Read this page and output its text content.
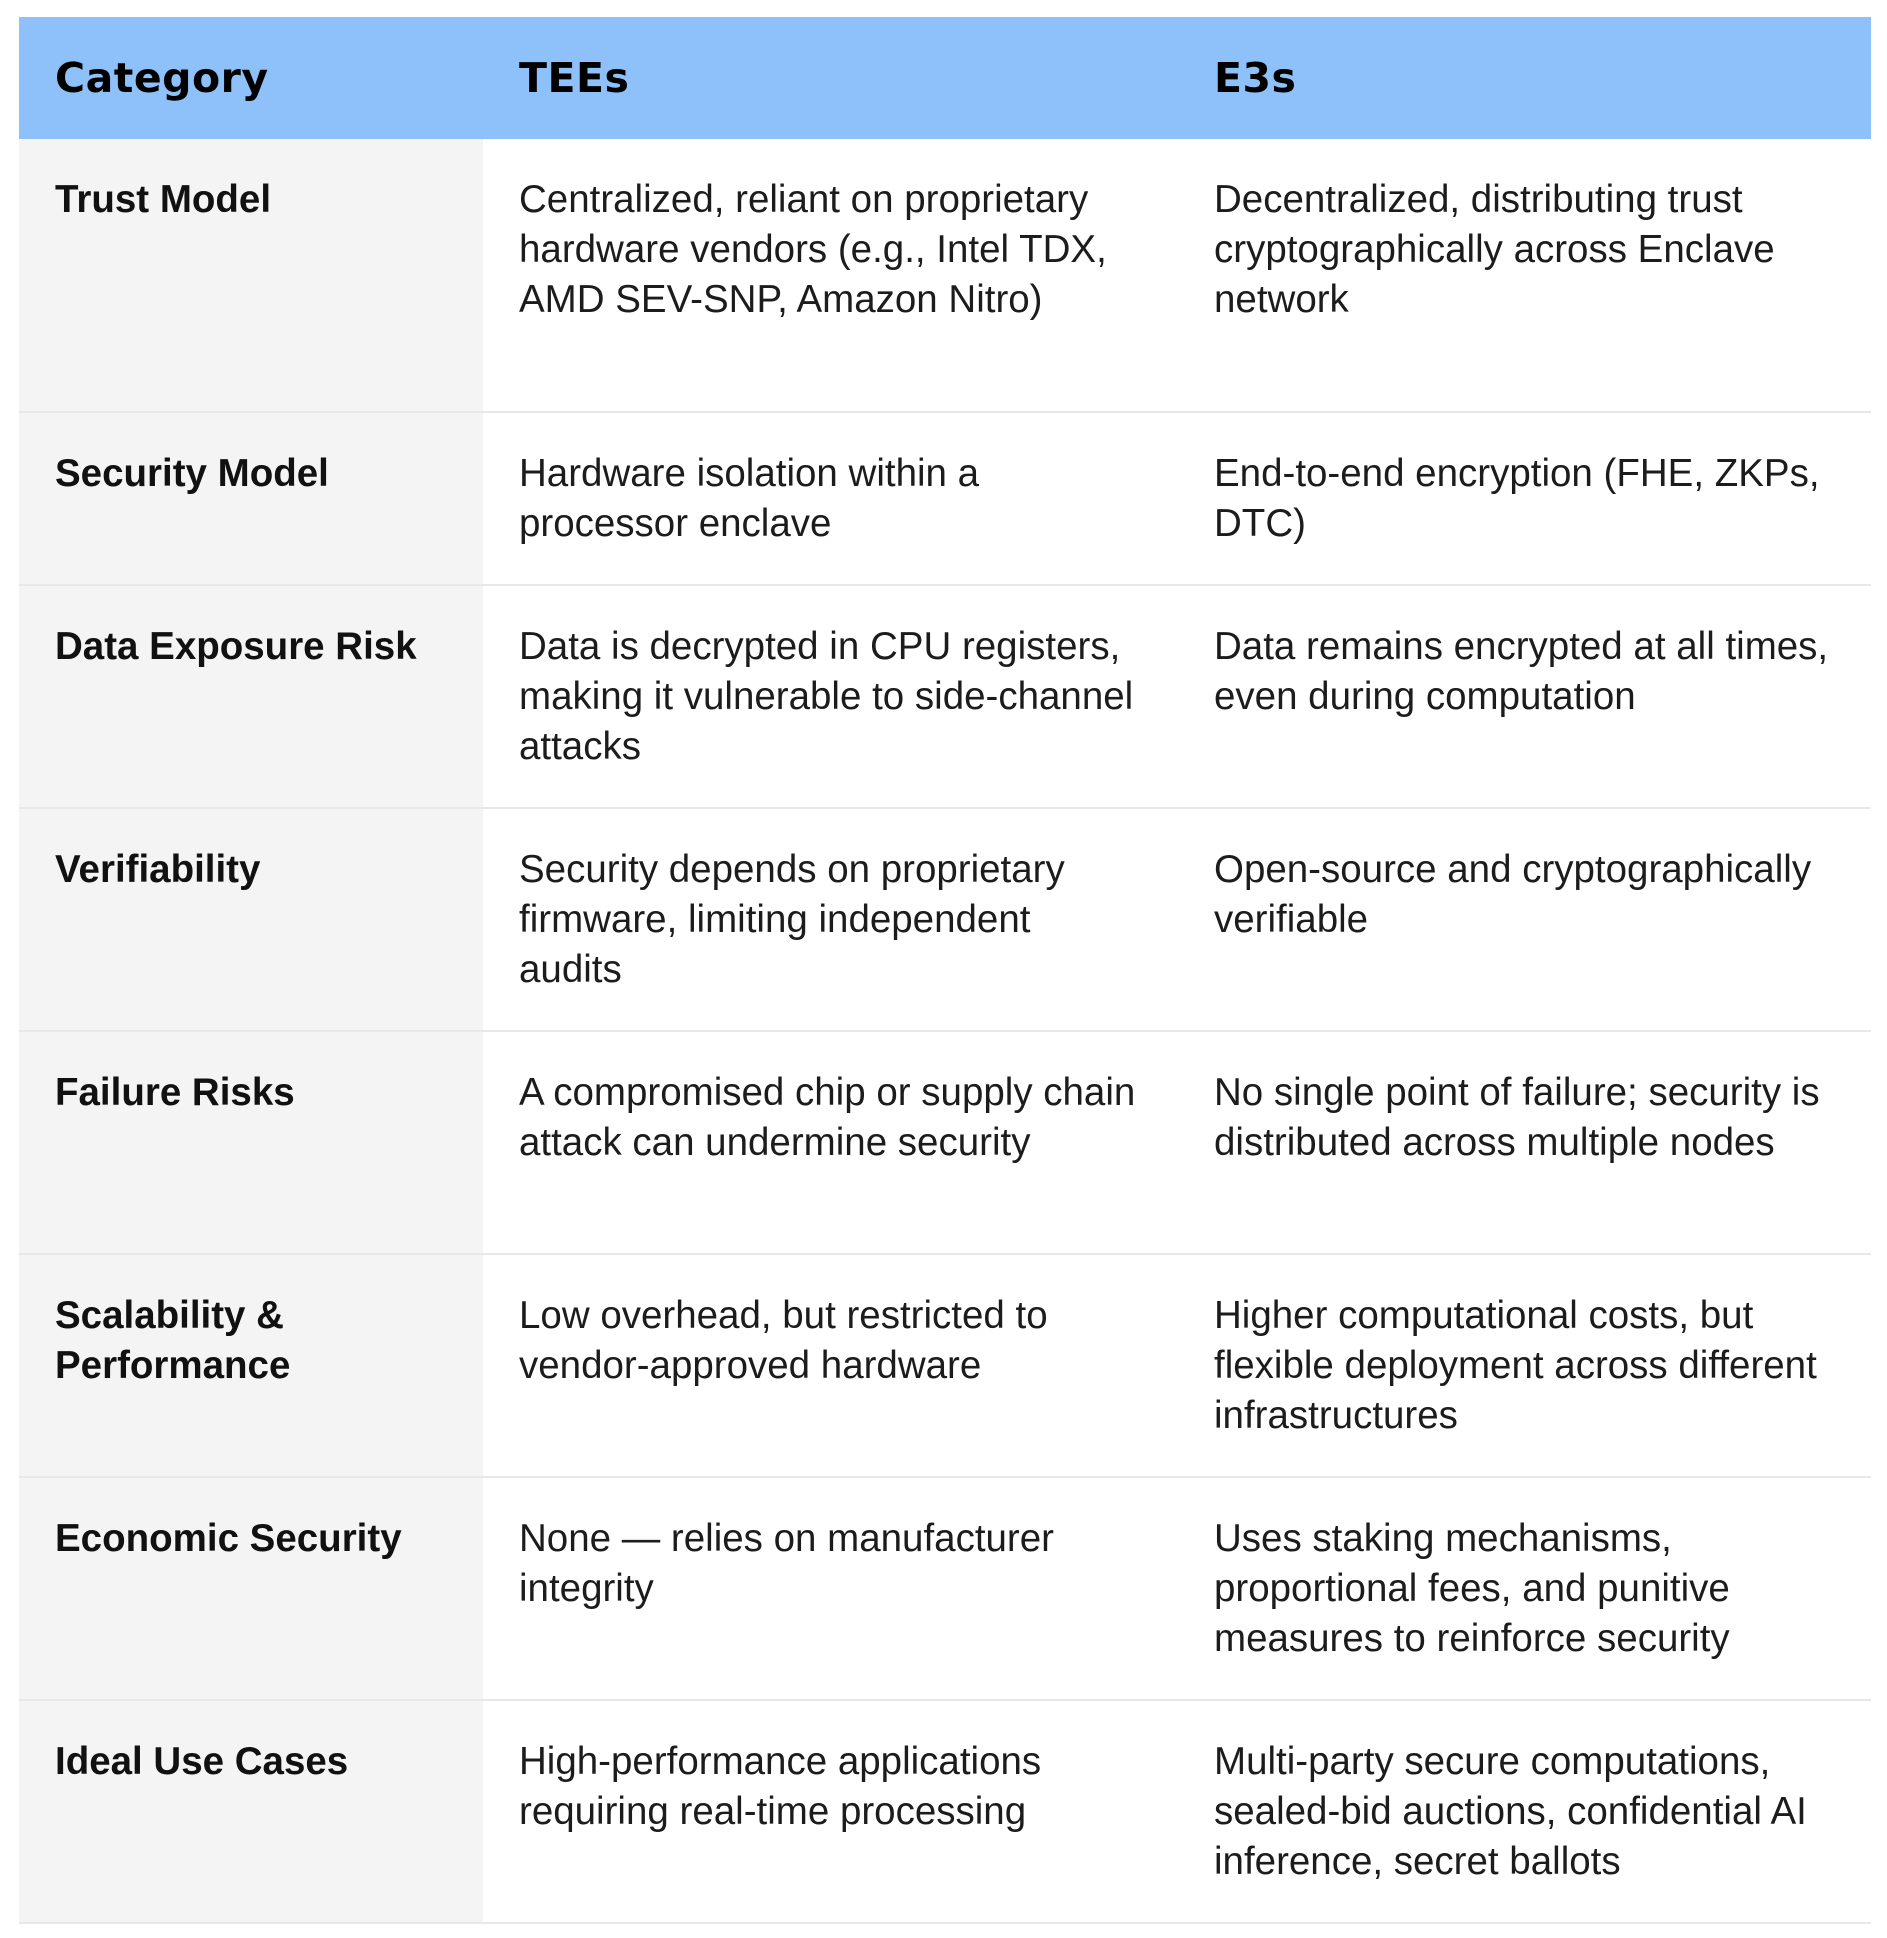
Category	TEEs	E3s
Trust Model	Centralized, reliant on proprietary hardware vendors (e.g., Intel TDX, AMD SEV-SNP, Amazon Nitro)	Decentralized, distributing trust cryptographically across Enclave network
Security Model	Hardware isolation within a processor enclave	End-to-end encryption (FHE, ZKPs, DTC)
Data Exposure Risk	Data is decrypted in CPU registers, making it vulnerable to side-channel attacks	Data remains encrypted at all times, even during computation
Verifiability	Security depends on proprietary firmware, limiting independent audits	Open-source and cryptographically verifiable
Failure Risks	A compromised chip or supply chain attack can undermine security	No single point of failure; security is distributed across multiple nodes
Scalability & Performance	Low overhead, but restricted to vendor-approved hardware	Higher computational costs, but flexible deployment across different infrastructures
Economic Security	None — relies on manufacturer integrity	Uses staking mechanisms, proportional fees, and punitive measures to reinforce security
Ideal Use Cases	High-performance applications requiring real-time processing	Multi-party secure computations, sealed-bid auctions, confidential AI inference, secret ballots
